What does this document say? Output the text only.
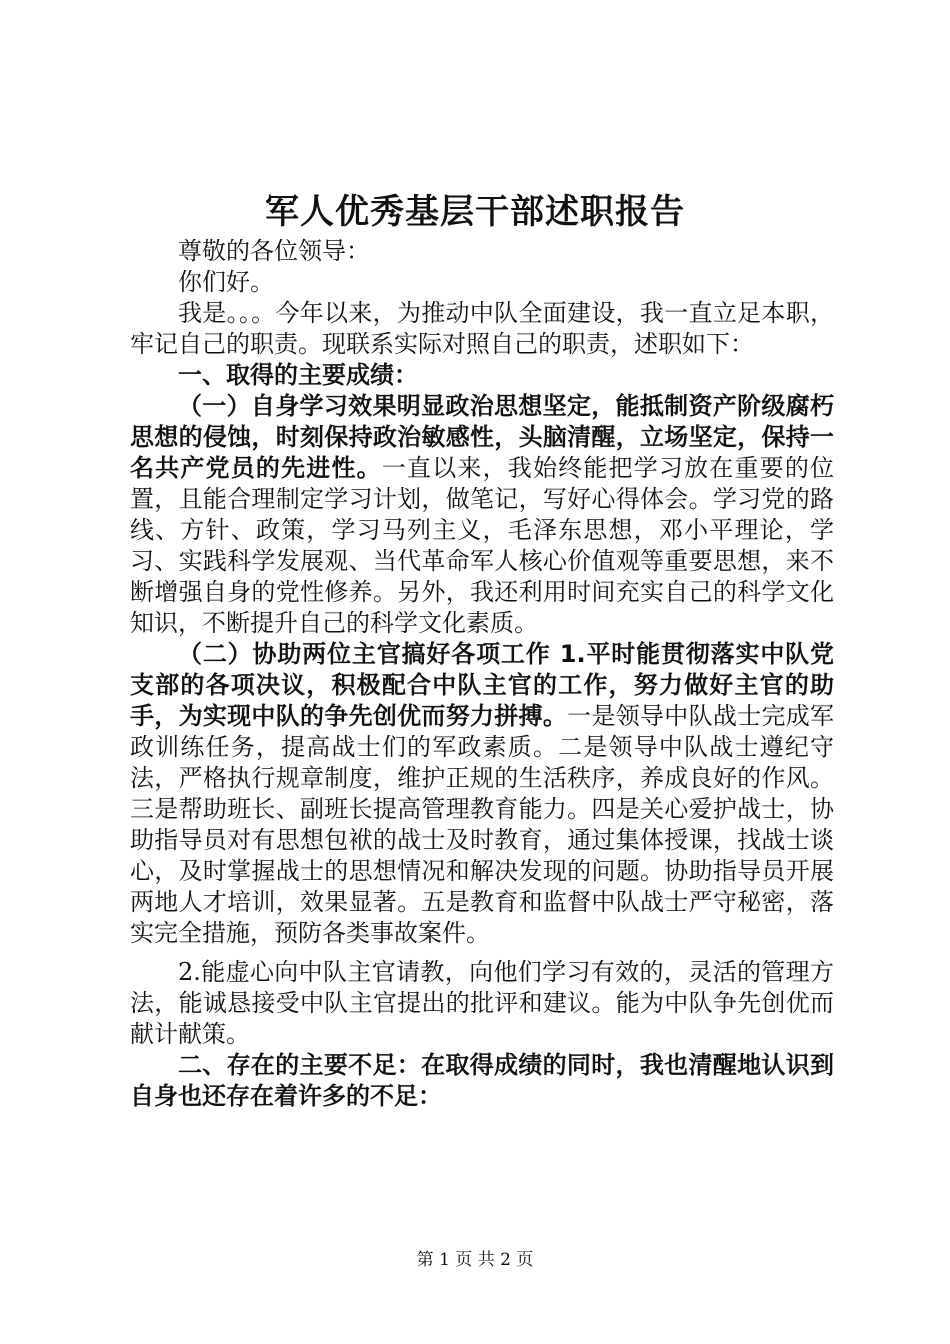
军人优秀基层干部述职报告

尊敬的各位领导：

你们好。

我是。。。今年以来，为推动中队全面建设，我一直立足本职，牢记自己的职责。现联系实际对照自己的职责，述职如下：

一、取得的主要成绩：

（一）自身学习效果明显政治思想坚定，能抵制资产阶级腐朽思想的侵蚀，时刻保持政治敏感性，头脑清醒，立场坚定，保持一名共产党员的先进性。一直以来，我始终能把学习放在重要的位置，且能合理制定学习计划，做笔记，写好心得体会。学习党的路线、方针、政策，学习马列主义，毛泽东思想，邓小平理论，学习、实践科学发展观、当代革命军人核心价值观等重要思想，来不断增强自身的党性修养。另外，我还利用时间充实自己的科学文化知识，不断提升自己的科学文化素质。

（二）协助两位主官搞好各项工作 1.平时能贯彻落实中队党支部的各项决议，积极配合中队主官的工作，努力做好主官的助手，为实现中队的争先创优而努力拼搏。一是领导中队战士完成军政训练任务，提高战士们的军政素质。二是领导中队战士遵纪守法，严格执行规章制度，维护正规的生活秩序，养成良好的作风。三是帮助班长、副班长提高管理教育能力。四是关心爱护战士，协助指导员对有思想包袱的战士及时教育，通过集体授课，找战士谈心，及时掌握战士的思想情况和解决发现的问题。协助指导员开展两地人才培训，效果显著。五是教育和监督中队战士严守秘密，落实完全措施，预防各类事故案件。

2.能虚心向中队主官请教，向他们学习有效的，灵活的管理方法，能诚恳接受中队主官提出的批评和建议。能为中队争先创优而献计献策。

二、存在的主要不足：在取得成绩的同时，我也清醒地认识到自身也还存在着许多的不足：

第 1 页 共 2 页
